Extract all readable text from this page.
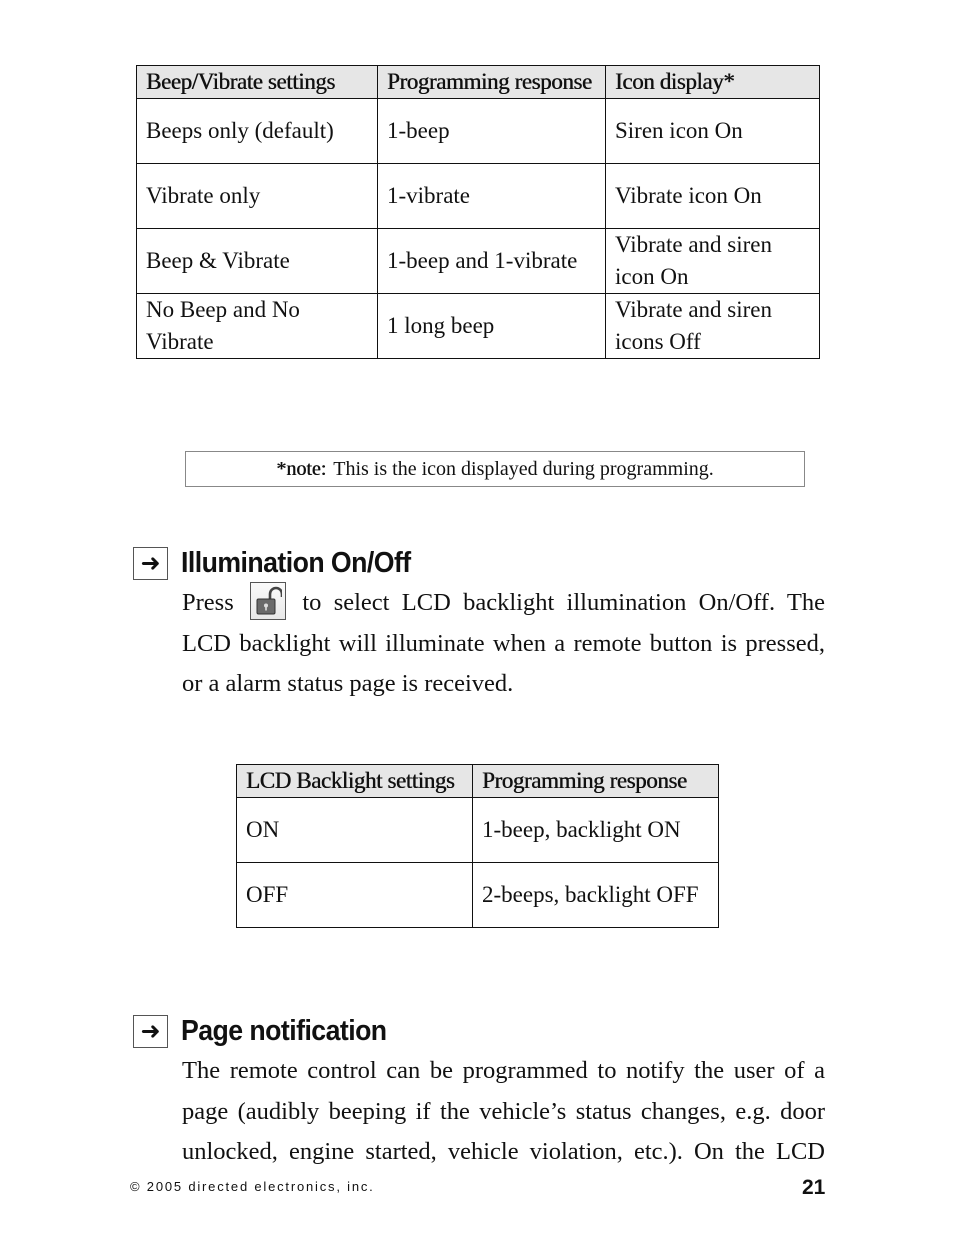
Beep/Vibrate settings	Programming response	Icon display*
Beeps only (default)	1-beep	Siren icon On
Vibrate only	1-vibrate	Vibrate icon On
Beep & Vibrate	1-beep and 1-vibrate	Vibrate and siren icon On
No Beep and No Vibrate	1 long beep	Vibrate and siren icons Off
*note: This is the icon displayed during programming.
➜ Illumination On/Off
Press	to select LCD backlight illumination On/Off. The
LCD backlight will illuminate when a remote button is pressed,
or a alarm status page is received.
LCD Backlight settings	Programming response
ON	1-beep, backlight ON
OFF	2-beeps, backlight OFF
➜ Page notification
The remote control can be programmed to notify the user of a
page (audibly beeping if the vehicle’s status changes, e.g. door
unlocked, engine started, vehicle violation, etc.). On the LCD
© 2005 directed electronics, inc.	21
